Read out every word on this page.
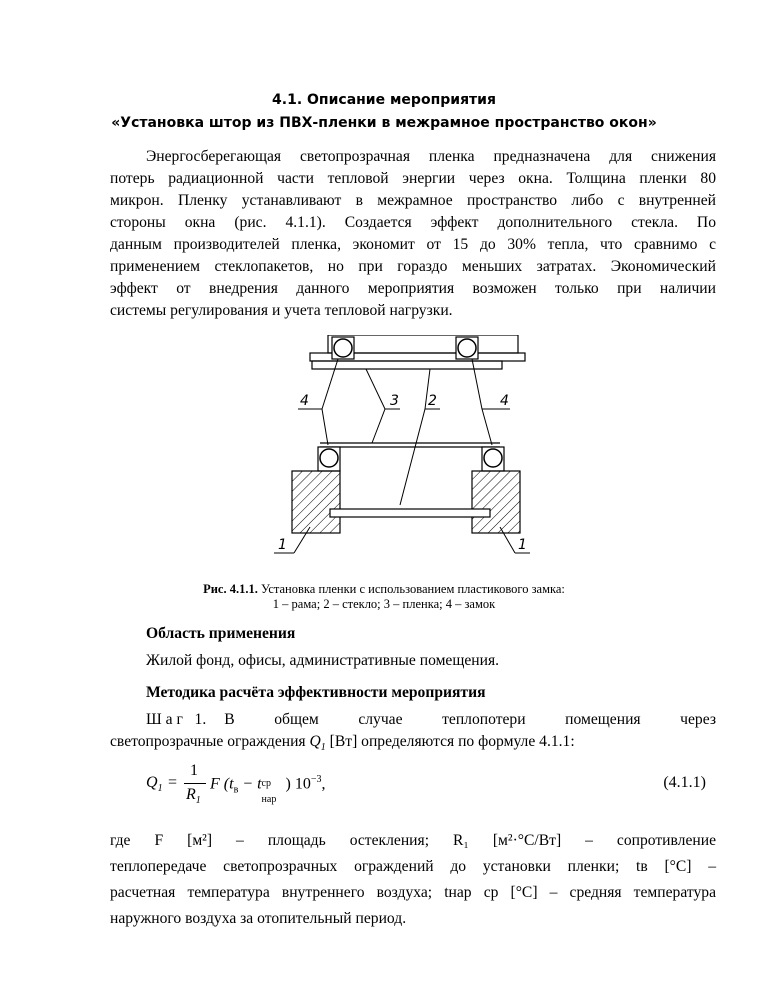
4.1. Описание мероприятия
«Установка штор из ПВХ-пленки в межрамное пространство окон»
Энергосберегающая светопрозрачная пленка предназначена для снижения
потерь радиационной части тепловой энергии через окна. Толщина пленки 80
микрон. Пленку устанавливают в межрамное пространство либо с внутренней
стороны окна (рис. 4.1.1). Создается эффект дополнительного стекла. По
данным производителей пленка, экономит от 15 до 30% тепла, что сравнимо с
применением стеклопакетов, но при гораздо меньших затратах. Экономический
эффект от внедрения данного мероприятия возможен только при наличии
системы регулирования и учета тепловой нагрузки.
4	3 2	4
1	1
Рис. 4.1.1. Установка пленки с использованием пластикового замка:
1 – рама; 2 – стекло; 3 – пленка; 4 – замок
Область применения
Жилой фонд, офисы, административные помещения.
Методика расчёта эффективности мероприятия
Ш а г   1. В общем случае теплопотери помещения через
светопрозрачные ограждения $Q_1$ [Вт] определяются по формуле 4.1.1:
$Q_1$ =
1
$R_1$
F ($t_в - t$ ср
нар
) $10^{-3}$,	(4.1.1)
где F [м²] – площадь остекления; R₁ [м²·°С/Вт] – сопротивление
теплопередаче светопрозрачных ограждений до установки пленки; tв [°С] –
расчетная температура внутреннего воздуха; tнар ср [°С] – средняя температура
наружного воздуха за отопительный период.
